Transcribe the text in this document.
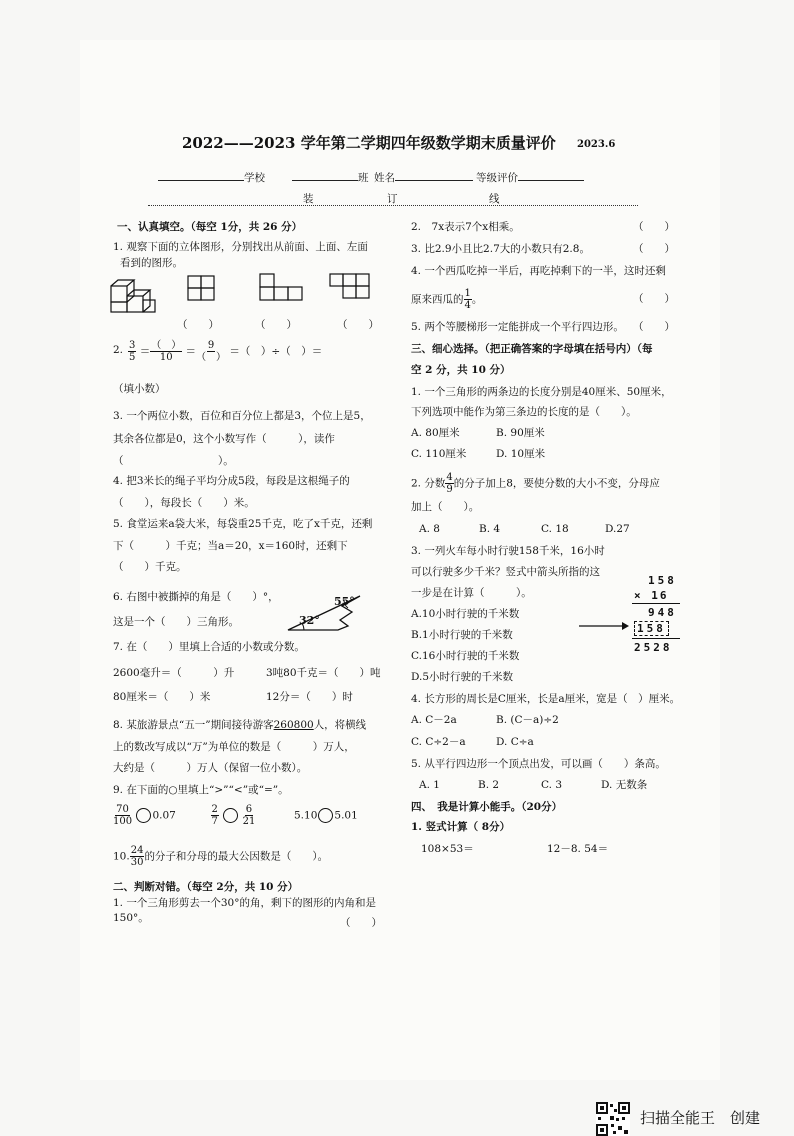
2022——2023 学年第二学期四年级数学期末质量评价 2023.6
学校	班 姓名	等级评价
装	订	线
一、认真填空。（每空 1分，共 26 分）
1. 观察下面的立体图形，分别找出从前面、上面、左面
看到的图形。
（　　）	（　　）	（　　）
2. $\frac{3}{5} = \frac{( )}{10} = \frac{9}{( )}$ ＝（　）÷（　）＝
（填小数）
3. 一个两位小数，百位和百分位上都是3，个位上是5，
其余各位都是0，这个小数写作（　　　），读作
（　　　　　　　　　）。
4. 把3米长的绳子平均分成5段，每段是这根绳子的
（　　），每段长（　　）米。
5. 食堂运来a袋大米，每袋重25千克，吃了x千克，还剩
下（　　　）千克；当a＝20，x＝160时，还剩下
（　　）千克。
6. 右图中被撕掉的角是（　　）°，
这是一个（　　）三角形。
55°
32°
7. 在（　　）里填上合适的小数或分数。
2600毫升＝（　　　）升	3吨80千克＝（　　）吨
80厘米＝（　　）米	12分＝（　　）时
8. 某旅游景点“五一”期间接待游客260800人，将横线
上的数改写成以“万”为单位的数是（　　　）万人，
大约是（　　　）万人（保留一位小数）。
9. 在下面的○里填上“>”“<”或“=”。
$\frac{70}{100} 0.07$	$\frac{2}{7}$
$\frac{6}{21}$	5.10 5.01
10. $\frac{24}{30}$ 的分子和分母的最大公因数是（　　）。
二、判断对错。（每空 2分，共 10 分）
1. 一个三角形剪去一个30°的角，剩下的图形的内角和是
150°。	（　　）
2.　7x表示7个x相乘。	（　　）
3. 比2.9小且比2.7大的小数只有2.8。	（　　）
4. 一个西瓜吃掉一半后，再吃掉剩下的一半，这时还剩
原来西瓜的 $\frac{1}{4}$ 。	（　　）
5. 两个等腰梯形一定能拼成一个平行四边形。 （　　）
三、细心选择。（把正确答案的字母填在括号内）（每
空 2 分，共 10 分）
1. 一个三角形的两条边的长度分别是40厘米、50厘米，
下列选项中能作为第三条边的长度的是（　　）。
A. 80厘米	B. 90厘米
C. 110厘米	D. 10厘米
2. 分数 $\frac{4}{9}$ 的分子加上8，要使分数的大小不变，分母应
加上（　　）。
A. 8	B. 4	C. 18	D.27
3. 一列火车每小时行驶158千米，16小时
可以行驶多少千米？竖式中箭头所指的这
一步是在计算（　　　）。
A.10小时行驶的千米数
B.1小时行驶的千米数
C.16小时行驶的千米数
D.5小时行驶的千米数
158
× 16
948
158
2528
4. 长方形的周长是C厘米，长是a厘米，宽是（　）厘米。
A. C－2a	B. (C－a)÷2
C. C÷2－a	D. C÷a
5. 从平行四边形一个顶点出发，可以画（　　）条高。
A. 1	B. 2	C. 3	D. 无数条
四、　我是计算小能手。（20分）
1. 竖式计算（ 8分）
108×53＝	12－8. 54＝
扫描全能王　创建
